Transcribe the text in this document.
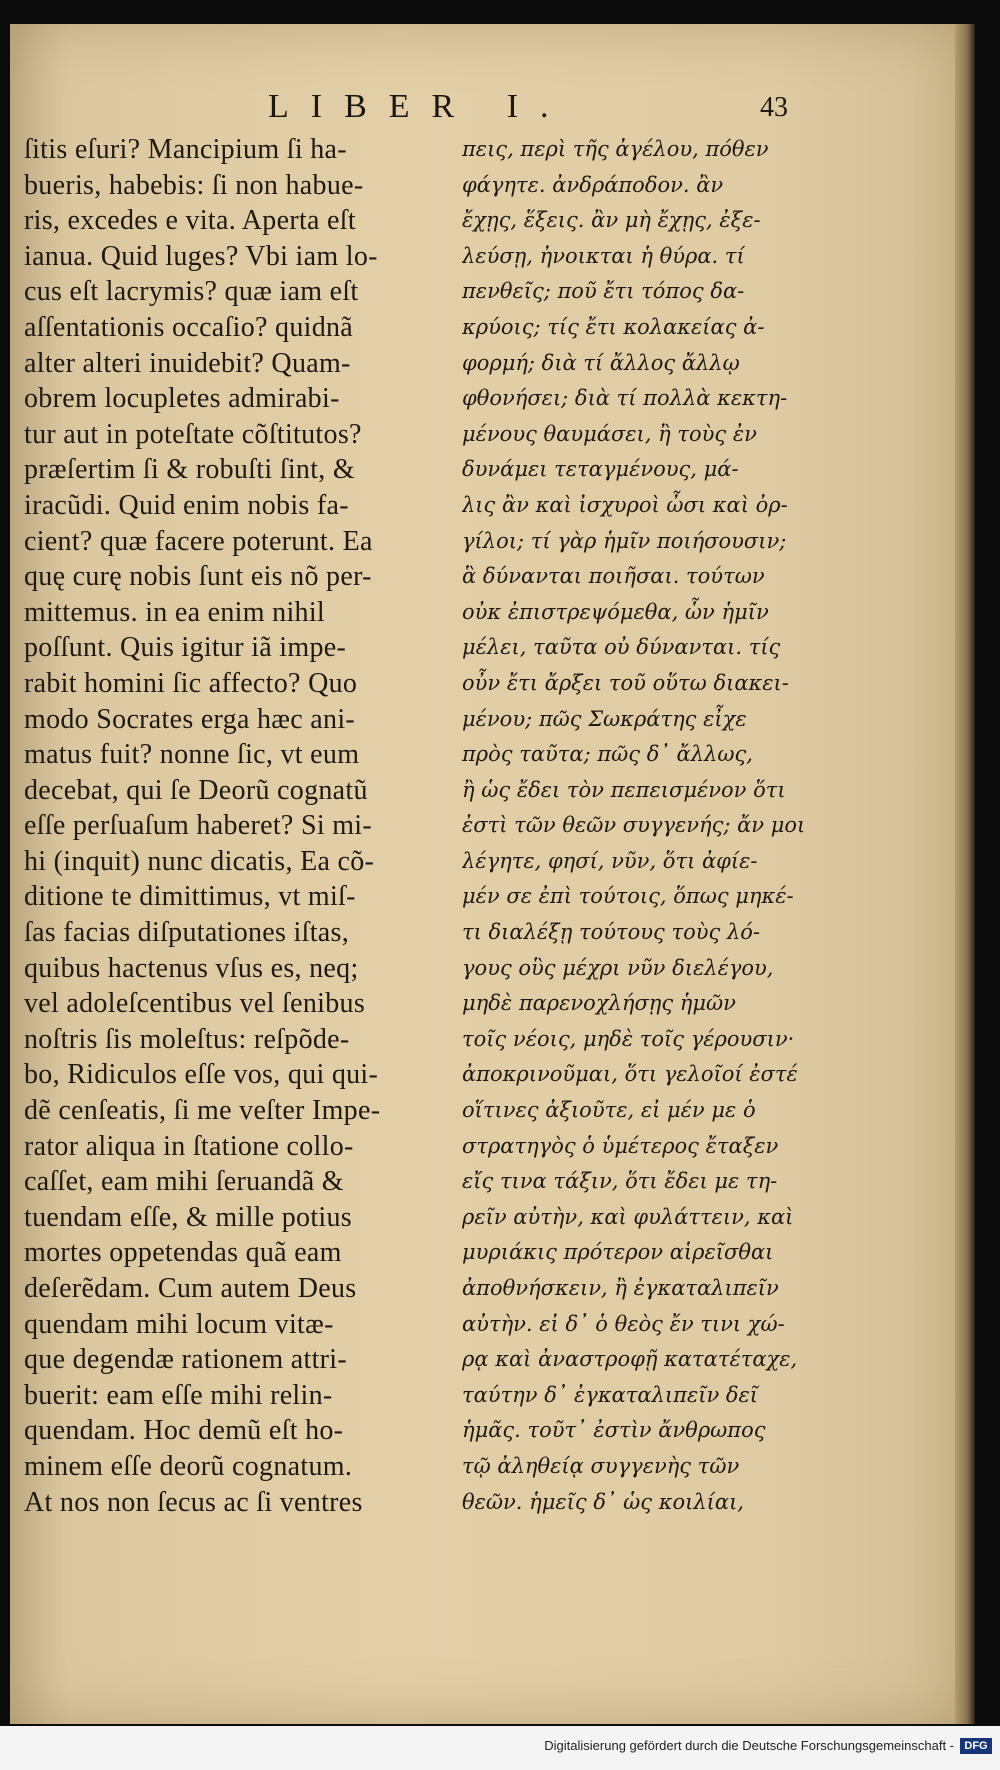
LIBER I.	43
ſitis eſuri? Mancipium ſi ha-
bueris, habebis: ſi non habue-
ris, excedes e vita. Aperta eſt
ianua. Quid luges? Vbi iam lo-
cus eſt lacrymis? quæ iam eſt
aſſentationis occaſio? quidnã
alter alteri inuidebit? Quam-
obrem locupletes admirabi-
tur aut in poteſtate cõſtitutos?
præſertim ſi & robuſti ſint, &
iracũdi. Quid enim nobis fa-
cient? quæ facere poterunt. Ea
quę curę nobis ſunt eis nõ per-
mittemus. in ea enim nihil
poſſunt. Quis igitur iã impe-
rabit homini ſic affecto? Quo
modo Socrates erga hæc ani-
matus fuit? nonne ſic, vt eum
decebat, qui ſe Deorũ cognatũ
eſſe perſuaſum haberet? Si mi-
hi (inquit) nunc dicatis, Ea cõ-
ditione te dimittimus, vt miſ-
ſas facias diſputationes iſtas,
quibus hactenus vſus es, neq;
vel adoleſcentibus vel ſenibus
noſtris ſis moleſtus: reſpõde-
bo, Ridiculos eſſe vos, qui qui-
dẽ cenſeatis, ſi me veſter Impe-
rator aliqua in ſtatione collo-
caſſet, eam mihi ſeruandã &
tuendam eſſe, & mille potius
mortes oppetendas quã eam
deſerẽdam. Cum autem Deus
quendam mihi locum vitæ-
que degendæ rationem attri-
buerit: eam eſſe mihi relin-
quendam. Hoc demũ eſt ho-
minem eſſe deorũ cognatum.
At nos non ſecus ac ſi ventres
πεις, περὶ τῆς ἀγέλου, πόθεν
φάγητε. ἀνδράποδον. ἂν
ἔχῃς, ἕξεις. ἂν μὴ ἔχῃς, ἐξε-
λεύσῃ, ἠνοικται ἡ θύρα. τί
πενθεῖς; ποῦ ἔτι τόπος δα-
κρύοις; τίς ἔτι κολακείας ἀ-
φορμή; διὰ τί ἄλλος ἄλλῳ
φθονήσει; διὰ τί πολλὰ κεκτη-
μένους θαυμάσει, ἢ τοὺς ἐν
δυνάμει τεταγμένους, μά-
λις ἂν καὶ ἰσχυροὶ ὦσι καὶ ὀρ-
γίλοι; τί γὰρ ἡμῖν ποιήσουσιν;
ἃ δύνανται ποιῆσαι. τούτων
οὐκ ἐπιστρεψόμεθα, ὧν ἡμῖν
μέλει, ταῦτα οὐ δύνανται. τίς
οὖν ἔτι ἄρξει τοῦ οὕτω διακει-
μένου; πῶς Σωκράτης εἶχε
πρὸς ταῦτα; πῶς δ᾽ ἄλλως,
ἢ ὡς ἔδει τὸν πεπεισμένον ὅτι
ἐστὶ τῶν θεῶν συγγενής; ἄν μοι
λέγητε, φησί, νῦν, ὅτι ἀφίε-
μέν σε ἐπὶ τούτοις, ὅπως μηκέ-
τι διαλέξῃ τούτους τοὺς λό-
γους οὓς μέχρι νῦν διελέγου,
μηδὲ παρενοχλήσῃς ἡμῶν
τοῖς νέοις, μηδὲ τοῖς γέρουσιν·
ἀποκρινοῦμαι, ὅτι γελοῖοί ἐστέ
οἵτινες ἀξιοῦτε, εἰ μέν με ὁ
στρατηγὸς ὁ ὑμέτερος ἔταξεν
εἴς τινα τάξιν, ὅτι ἔδει με τη-
ρεῖν αὐτὴν, καὶ φυλάττειν, καὶ
μυριάκις πρότερον αἱρεῖσθαι
ἀποθνήσκειν, ἢ ἐγκαταλιπεῖν
αὐτὴν. εἰ δ᾽ ὁ θεὸς ἔν τινι χώ-
ρᾳ καὶ ἀναστροφῇ κατατέταχε,
ταύτην δ᾽ ἐγκαταλιπεῖν δεῖ
ἡμᾶς. τοῦτ᾽ ἐστὶν ἄνθρωπος
τῷ ἀληθείᾳ συγγενὴς τῶν
θεῶν. ἡμεῖς δ᾽ ὡς κοιλίαι,
Digitalisierung gefördert durch die Deutsche Forschungsgemeinschaft - DFG
